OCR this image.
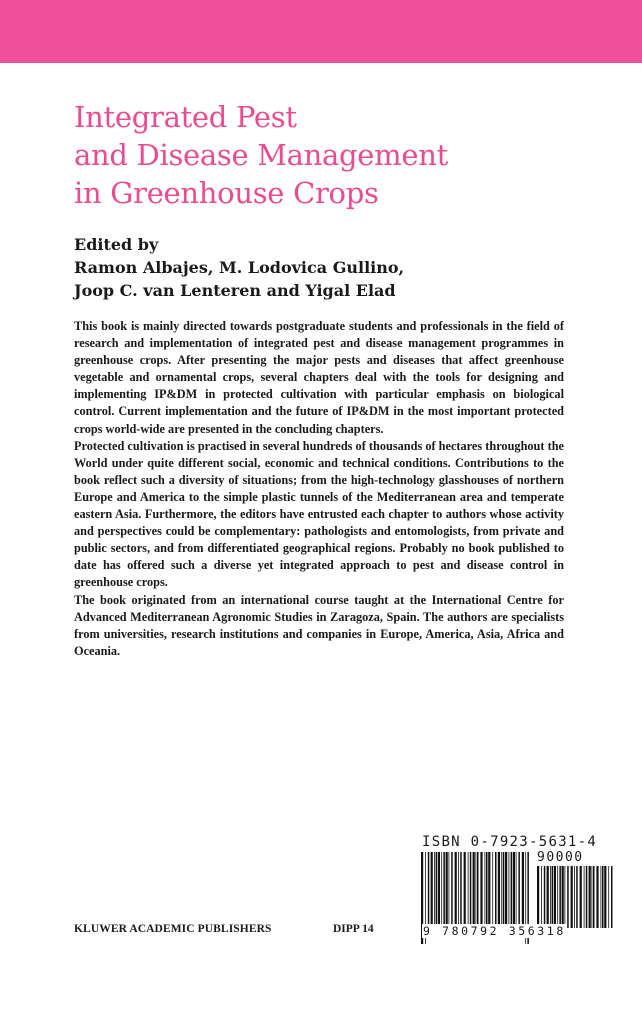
Integrated Pest
and Disease Management
in Greenhouse Crops
Edited by
Ramon Albajes, M. Lodovica Gullino,
Joop C. van Lenteren and Yigal Elad

This book is mainly directed towards postgraduate students and professionals in the field of research and implementation of integrated pest and disease management programmes in greenhouse crops. After presenting the major pests and diseases that affect greenhouse vegetable and ornamental crops, several chapters deal with the tools for designing and implementing IP&DM in protected cultivation with particular emphasis on biological control. Current implementation and the future of IP&DM in the most important protected crops world-wide are presented in the concluding chapters.

Protected cultivation is practised in several hundreds of thousands of hectares throughout the World under quite different social, economic and technical conditions. Contributions to the book reflect such a diversity of situations; from the high-technology glasshouses of northern Europe and America to the simple plastic tunnels of the Mediterranean area and temperate eastern Asia. Furthermore, the editors have entrusted each chapter to authors whose activity and perspectives could be complementary: pathologists and entomologists, from private and public sectors, and from differentiated geographical regions. Probably no book published to date has offered such a diverse yet integrated approach to pest and disease control in greenhouse crops.

The book originated from an international course taught at the International Centre for Advanced Mediterranean Agronomic Studies in Zaragoza, Spain. The authors are specialists from universities, research institutions and companies in Europe, America, Asia, Africa and Oceania.

ISBN 0-7923-5631-4
90000
9 780792 356318
KLUWER ACADEMIC PUBLISHERS	DIPP 14
